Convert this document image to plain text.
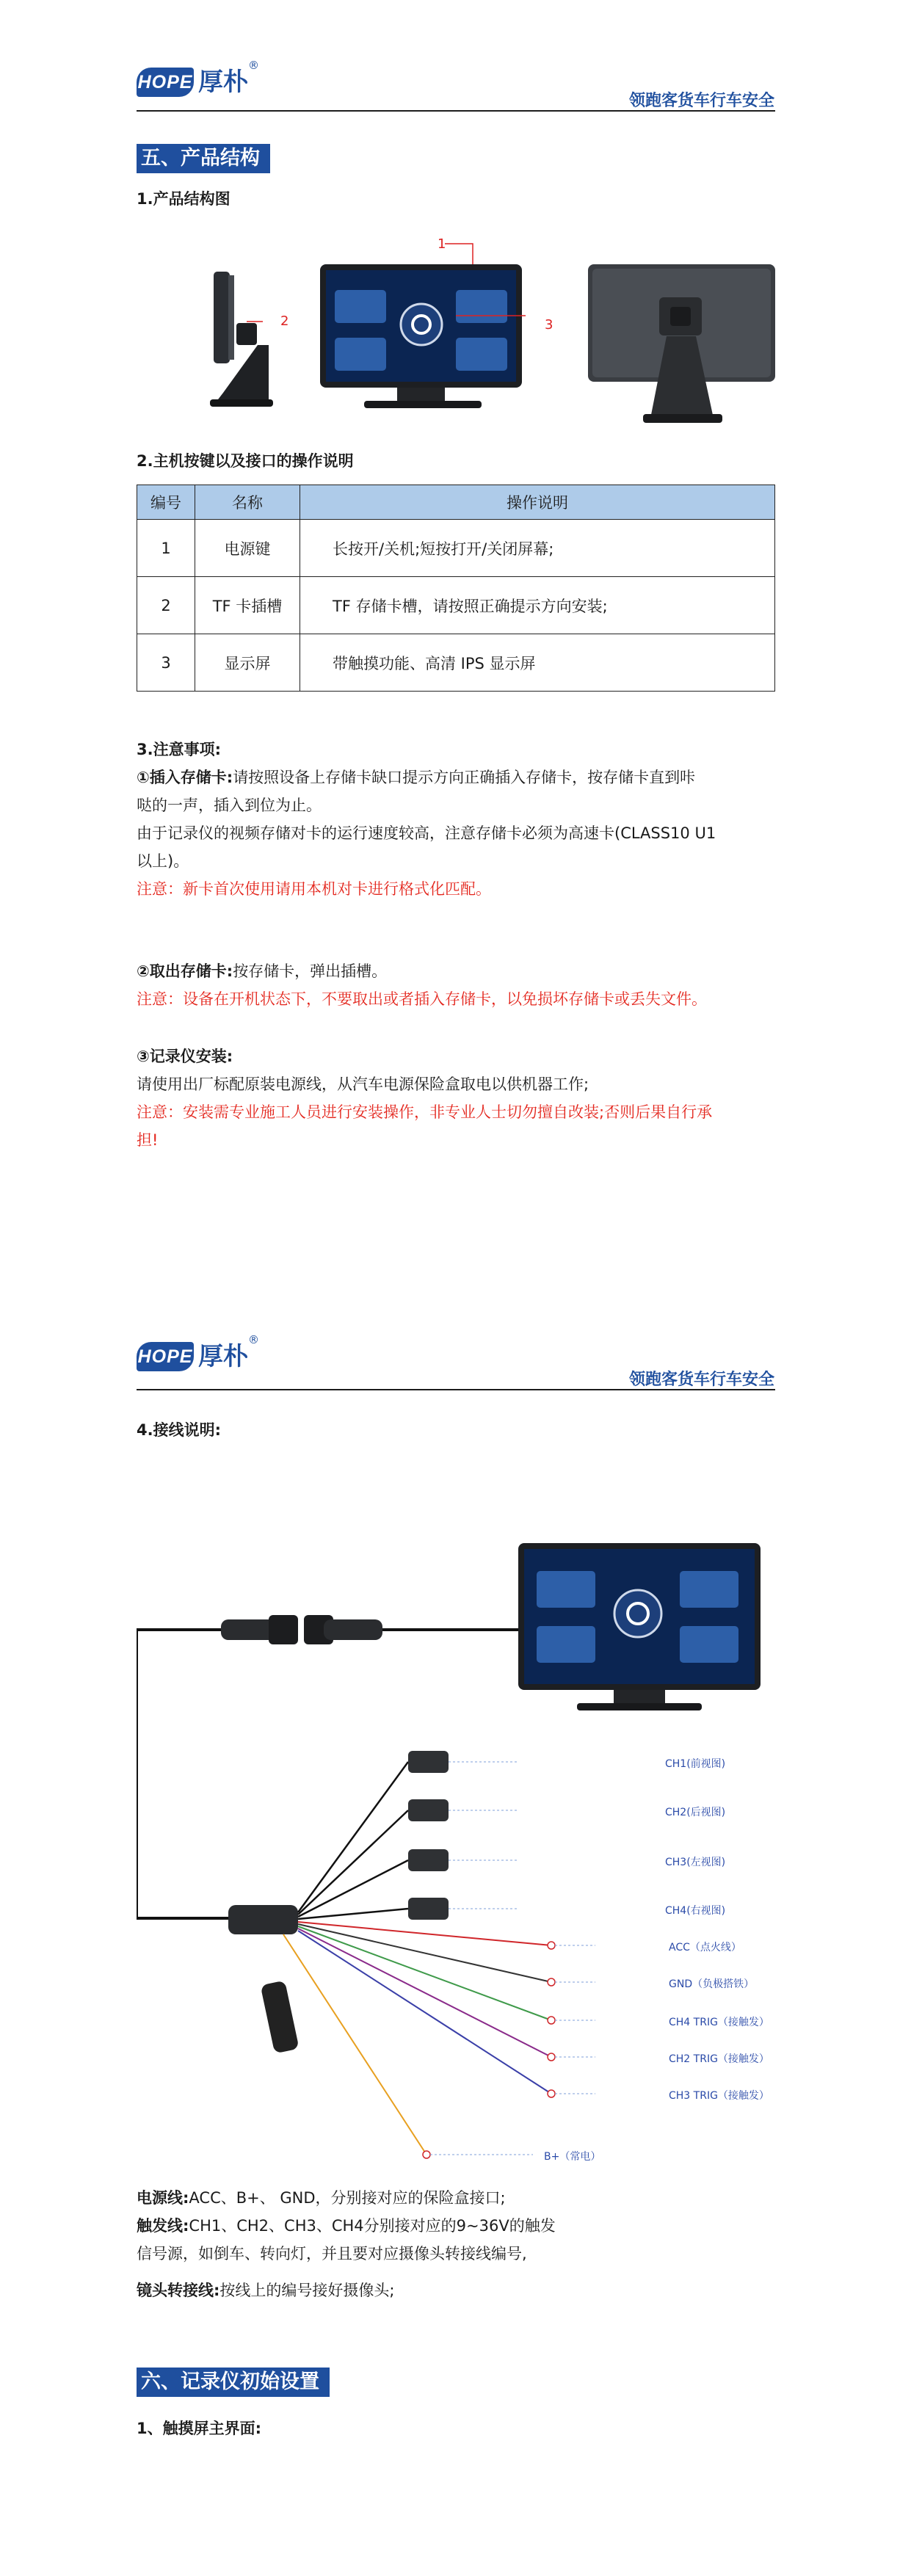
HOPE 厚朴
®
领跑客货车行车安全
五、产品结构
1.产品结构图
1
2	3
2.主机按键以及接口的操作说明
编号	名称	操作说明
1	电源键	长按开/关机;短按打开/关闭屏幕;
2	TF 卡插槽	TF 存储卡槽，请按照正确提示方向安装;
3	显示屏	带触摸功能、高清 IPS 显示屏
3.注意事项:
①插入存储卡:请按照设备上存储卡缺口提示方向正确插入存储卡，按存储卡直到咔
哒的一声，插入到位为止。
由于记录仪的视频存储对卡的运行速度较高，注意存储卡必须为高速卡(CLASS10 U1
以上)。
注意：新卡首次使用请用本机对卡进行格式化匹配。
②取出存储卡:按存储卡，弹出插槽。
注意：设备在开机状态下，不要取出或者插入存储卡，以免损坏存储卡或丢失文件。
③记录仪安装:
请使用出厂标配原装电源线，从汽车电源保险盒取电以供机器工作;
注意：安装需专业施工人员进行安装操作，非专业人士切勿擅自改装;否则后果自行承
担!
HOPE 厚朴
®
领跑客货车行车安全
4.接线说明:
CH1(前视图)
CH2(后视图)
CH3(左视图)
CH4(右视图)
ACC（点火线）
GND（负极搭铁）
CH4 TRIG（接触发）
CH2 TRIG（接触发）
CH3 TRIG（接触发）
B+（常电）
电源线:ACC、B+、 GND，分别接对应的保险盒接口;
触发线:CH1、CH2、CH3、CH4分别接对应的9~36V的触发
信号源，如倒车、转向灯，并且要对应摄像头转接线编号,
镜头转接线:按线上的编号接好摄像头;
六、记录仪初始设置
1、触摸屏主界面:
